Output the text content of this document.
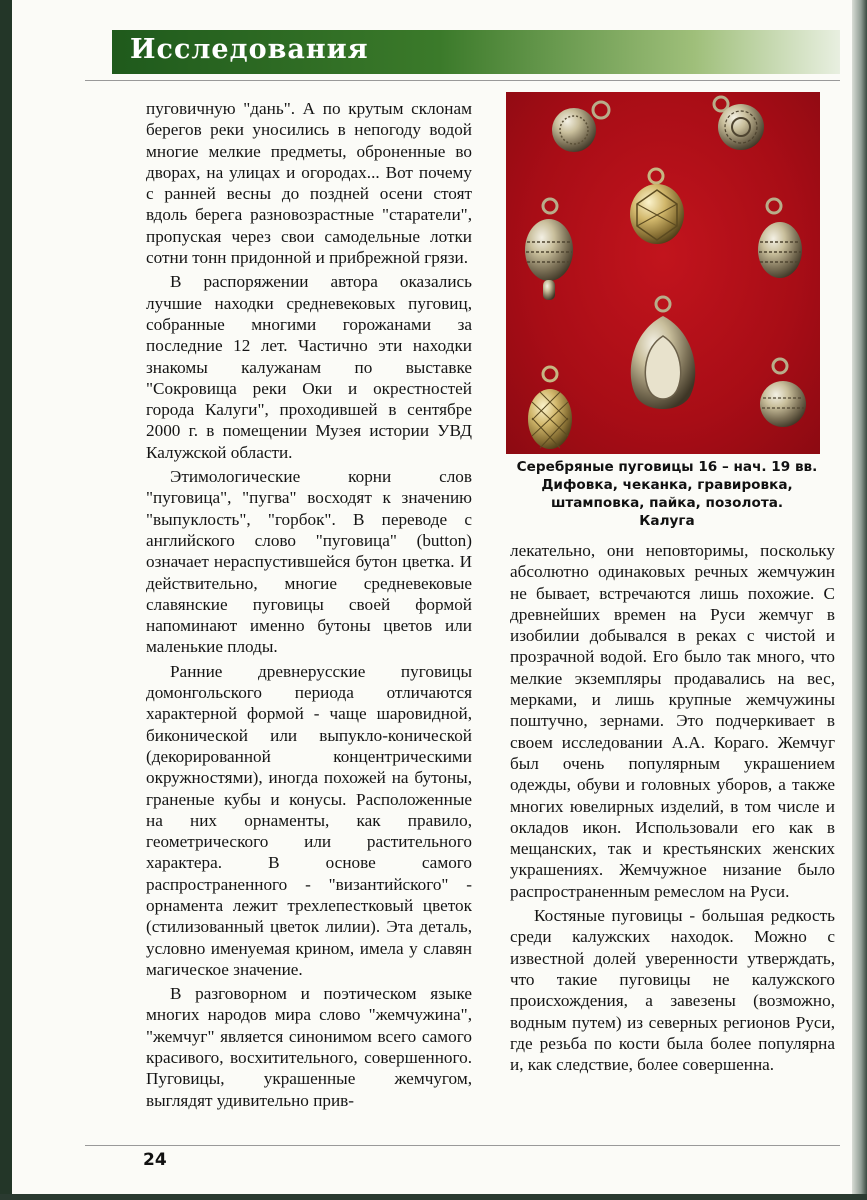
Исследования

пуговичную "дань". А по крутым склонам берегов реки уносились в непогоду водой многие мелкие предметы, оброненные во дворах, на улицах и огородах... Вот почему с ранней весны до поздней осени стоят вдоль берега разновозрастные "старатели", пропуская через свои самодельные лотки сотни тонн придонной и прибрежной грязи.

В распоряжении автора оказались лучшие находки средневековых пуговиц, собранные многими горожанами за последние 12 лет. Частично эти находки знакомы калужанам по выставке "Сокровища реки Оки и окрестностей города Калуги", проходившей в сентябре 2000 г. в помещении Музея истории УВД Калужской области.

Этимологические корни слов "пуговица", "пугва" восходят к значению "выпуклость", "горбок". В переводе с английского слово "пуговица" (button) означает нераспустившейся бутон цветка. И действительно, многие средневековые славянские пуговицы своей формой напоминают именно бутоны цветов или маленькие плоды.

Ранние древнерусские пуговицы домонгольского периода отличаются характерной формой - чаще шаровидной, биконической или выпукло-конической (декорированной концентрическими окружностями), иногда похожей на бутоны, граненые кубы и конусы. Расположенные на них орнаменты, как правило, геометрического или растительного характера. В основе самого распространенного - "византийского" - орнамента лежит трехлепестковый цветок (стилизованный цветок лилии). Эта деталь, условно именуемая крином, имела у славян магическое значение.

В разговорном и поэтическом языке многих народов мира слово "жемчужина", "жемчуг" является синонимом всего самого красивого, восхитительного, совершенного. Пуговицы, украшенные жемчугом, выглядят удивительно прив-

Серебряные пуговицы 16 – нач. 19 вв.
Дифовка, чеканка, гравировка,
штамповка, пайка, позолота.
Калуга

лекательно, они неповторимы, поскольку абсолютно одинаковых речных жемчужин не бывает, встречаются лишь похожие. С древнейших времен на Руси жемчуг в изобилии добывался в реках с чистой и прозрачной водой. Его было так много, что мелкие экземпляры продавались на вес, мерками, и лишь крупные жемчужины поштучно, зернами. Это подчеркивает в своем исследовании А.А. Кораго. Жемчуг был очень популярным украшением одежды, обуви и головных уборов, а также многих ювелирных изделий, в том числе и окладов икон. Использовали его как в мещанских, так и крестьянских женских украшениях. Жемчужное низание было распространенным ремеслом на Руси.

Костяные пуговицы - большая редкость среди калужских находок. Можно с известной долей уверенности утверждать, что такие пуговицы не калужского происхождения, а завезены (возможно, водным путем) из северных регионов Руси, где резьба по кости была более популярна и, как следствие, более совершенна.

24
